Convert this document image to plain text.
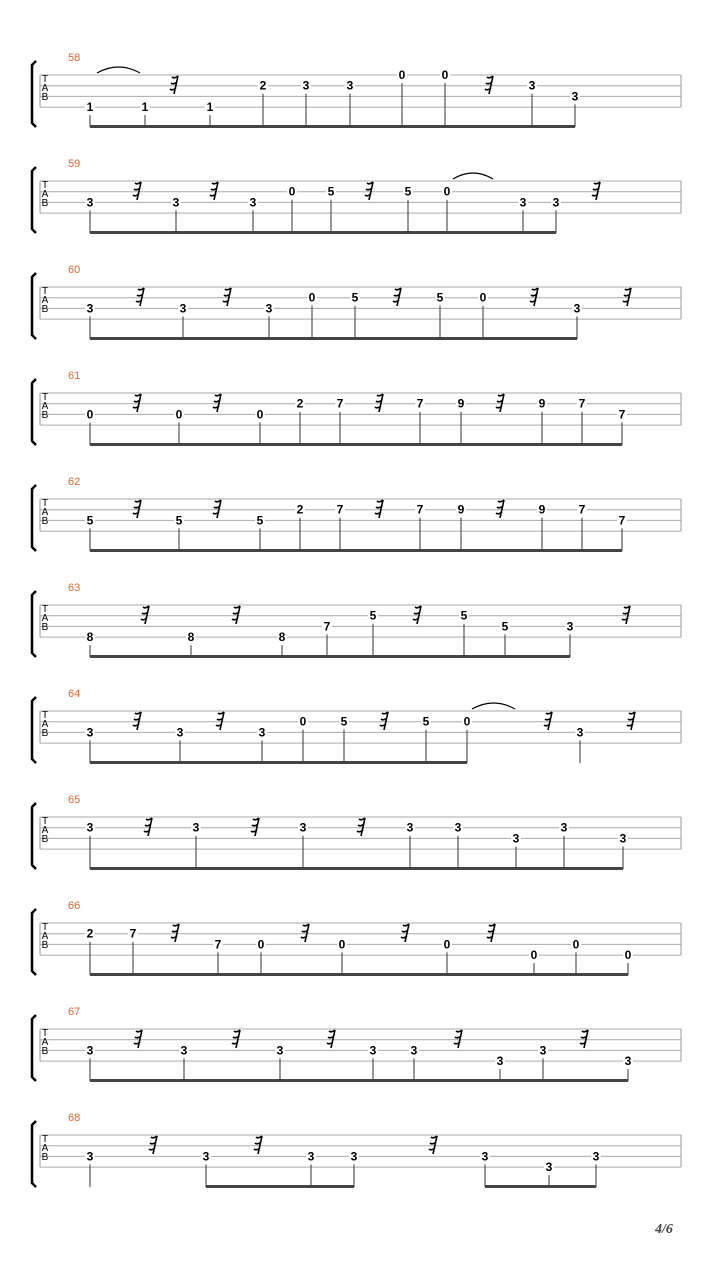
T
A
B
58
1	1	1
2	3	3
0	0
3
3
T
A
B
59
3	3	3
0	5	5	0
3 3
T
A
B
60
3	3	3
0	5	5	0
3
T
A
B
61
0	0	0
2	7	7	9	9	7
7
T
A
B
62
5	5	5
2	7	7	9	9	7
7
T
A
B
63
8	8	8
7
5	5
5	3
T
A
B
64
3	3	3
0	5	5	0
3
T
A
B
65
3	3	3	3	3
3
3
3
T
A
B
66
2	7
7	0	0	0
0
0
0
T
A
B
67
3	3	3	3	3
3
3
3
T
A
B
68
3	3	3	3	3
3
3
4/6
